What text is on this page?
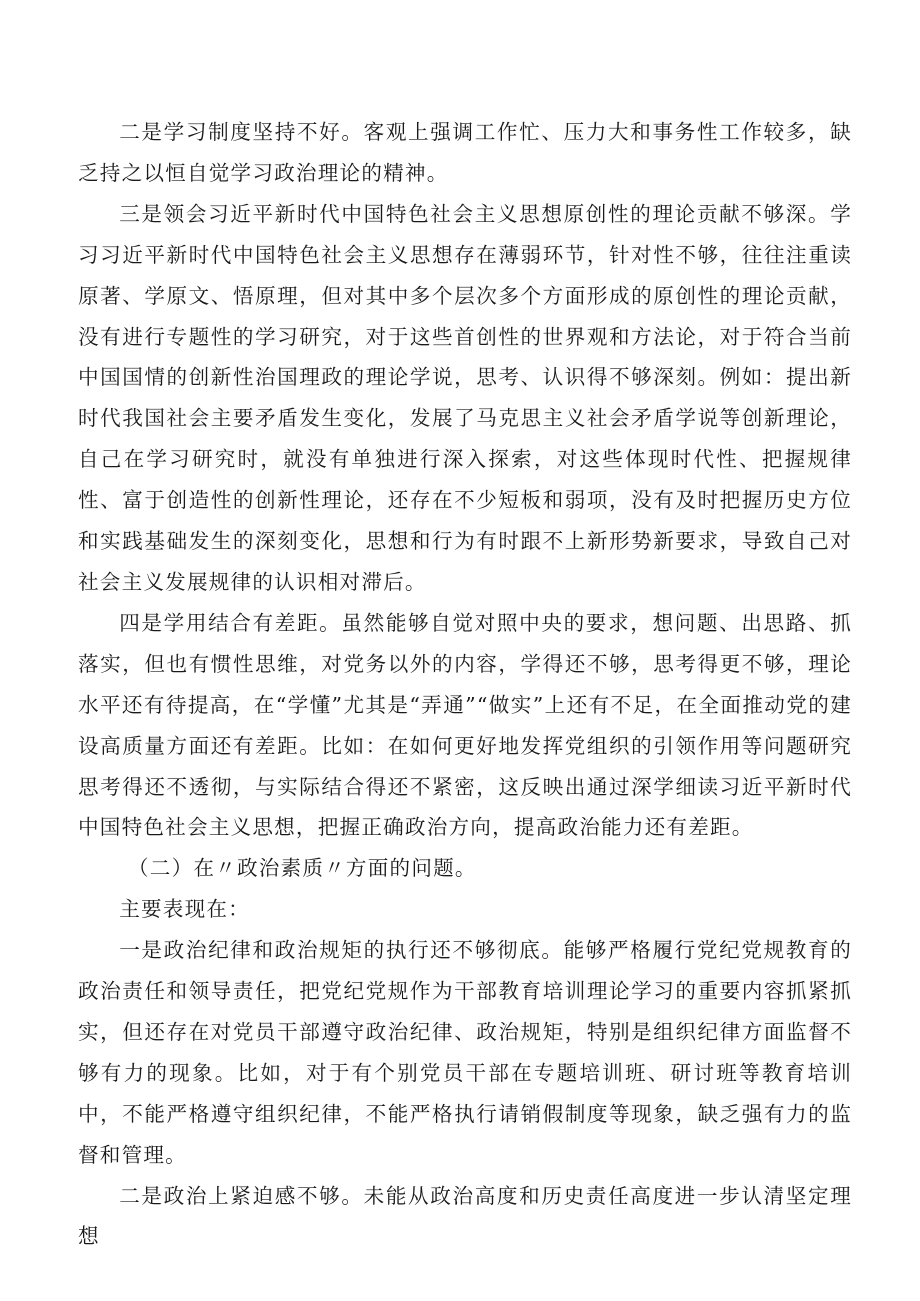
二是学习制度坚持不好。客观上强调工作忙、压力大和事务性工作较多，缺乏持之以恒自觉学习政治理论的精神。

三是领会习近平新时代中国特色社会主义思想原创性的理论贡献不够深。学习习近平新时代中国特色社会主义思想存在薄弱环节，针对性不够，往往注重读原著、学原文、悟原理，但对其中多个层次多个方面形成的原创性的理论贡献，没有进行专题性的学习研究，对于这些首创性的世界观和方法论，对于符合当前中国国情的创新性治国理政的理论学说，思考、认识得不够深刻。例如：提出新时代我国社会主要矛盾发生变化，发展了马克思主义社会矛盾学说等创新理论，自己在学习研究时，就没有单独进行深入探索，对这些体现时代性、把握规律性、富于创造性的创新性理论，还存在不少短板和弱项，没有及时把握历史方位和实践基础发生的深刻变化，思想和行为有时跟不上新形势新要求，导致自己对社会主义发展规律的认识相对滞后。

四是学用结合有差距。虽然能够自觉对照中央的要求，想问题、出思路、抓落实，但也有惯性思维，对党务以外的内容，学得还不够，思考得更不够，理论水平还有待提高，在“学懂”尤其是“弄通”“做实”上还有不足，在全面推动党的建设高质量方面还有差距。比如：在如何更好地发挥党组织的引领作用等问题研究思考得还不透彻，与实际结合得还不紧密，这反映出通过深学细读习近平新时代中国特色社会主义思想，把握正确政治方向，提高政治能力还有差距。

（二）在〃政治素质〃方面的问题。

主要表现在：

一是政治纪律和政治规矩的执行还不够彻底。能够严格履行党纪党规教育的政治责任和领导责任，把党纪党规作为干部教育培训理论学习的重要内容抓紧抓实，但还存在对党员干部遵守政治纪律、政治规矩，特别是组织纪律方面监督不够有力的现象。比如，对于有个别党员干部在专题培训班、研讨班等教育培训中，不能严格遵守组织纪律，不能严格执行请销假制度等现象，缺乏强有力的监督和管理。

二是政治上紧迫感不够。未能从政治高度和历史责任高度进一步认清坚定理想
